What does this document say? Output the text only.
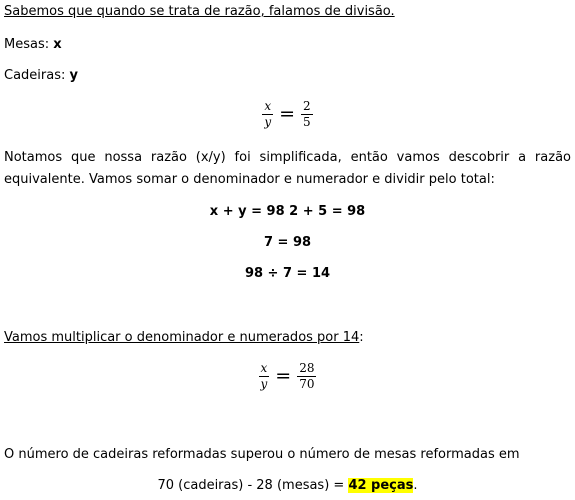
Sabemos que quando se trata de razão, falamos de divisão.
Mesas: x
Cadeiras: y
$\frac{x}{y} = \frac{2}{5}$
Notamos que nossa razão (x/y) foi simplificada, então vamos descobrir a razão equivalente. Vamos somar o denominador e numerador e dividir pelo total:
x + y = 98 2 + 5 = 98
7 = 98
98 ÷ 7 = 14
Vamos multiplicar o denominador e numerados por 14:
$\frac{x}{y} = \frac{28}{70}$
O número de cadeiras reformadas superou o número de mesas reformadas em
70 (cadeiras) - 28 (mesas) = 42 peças.
